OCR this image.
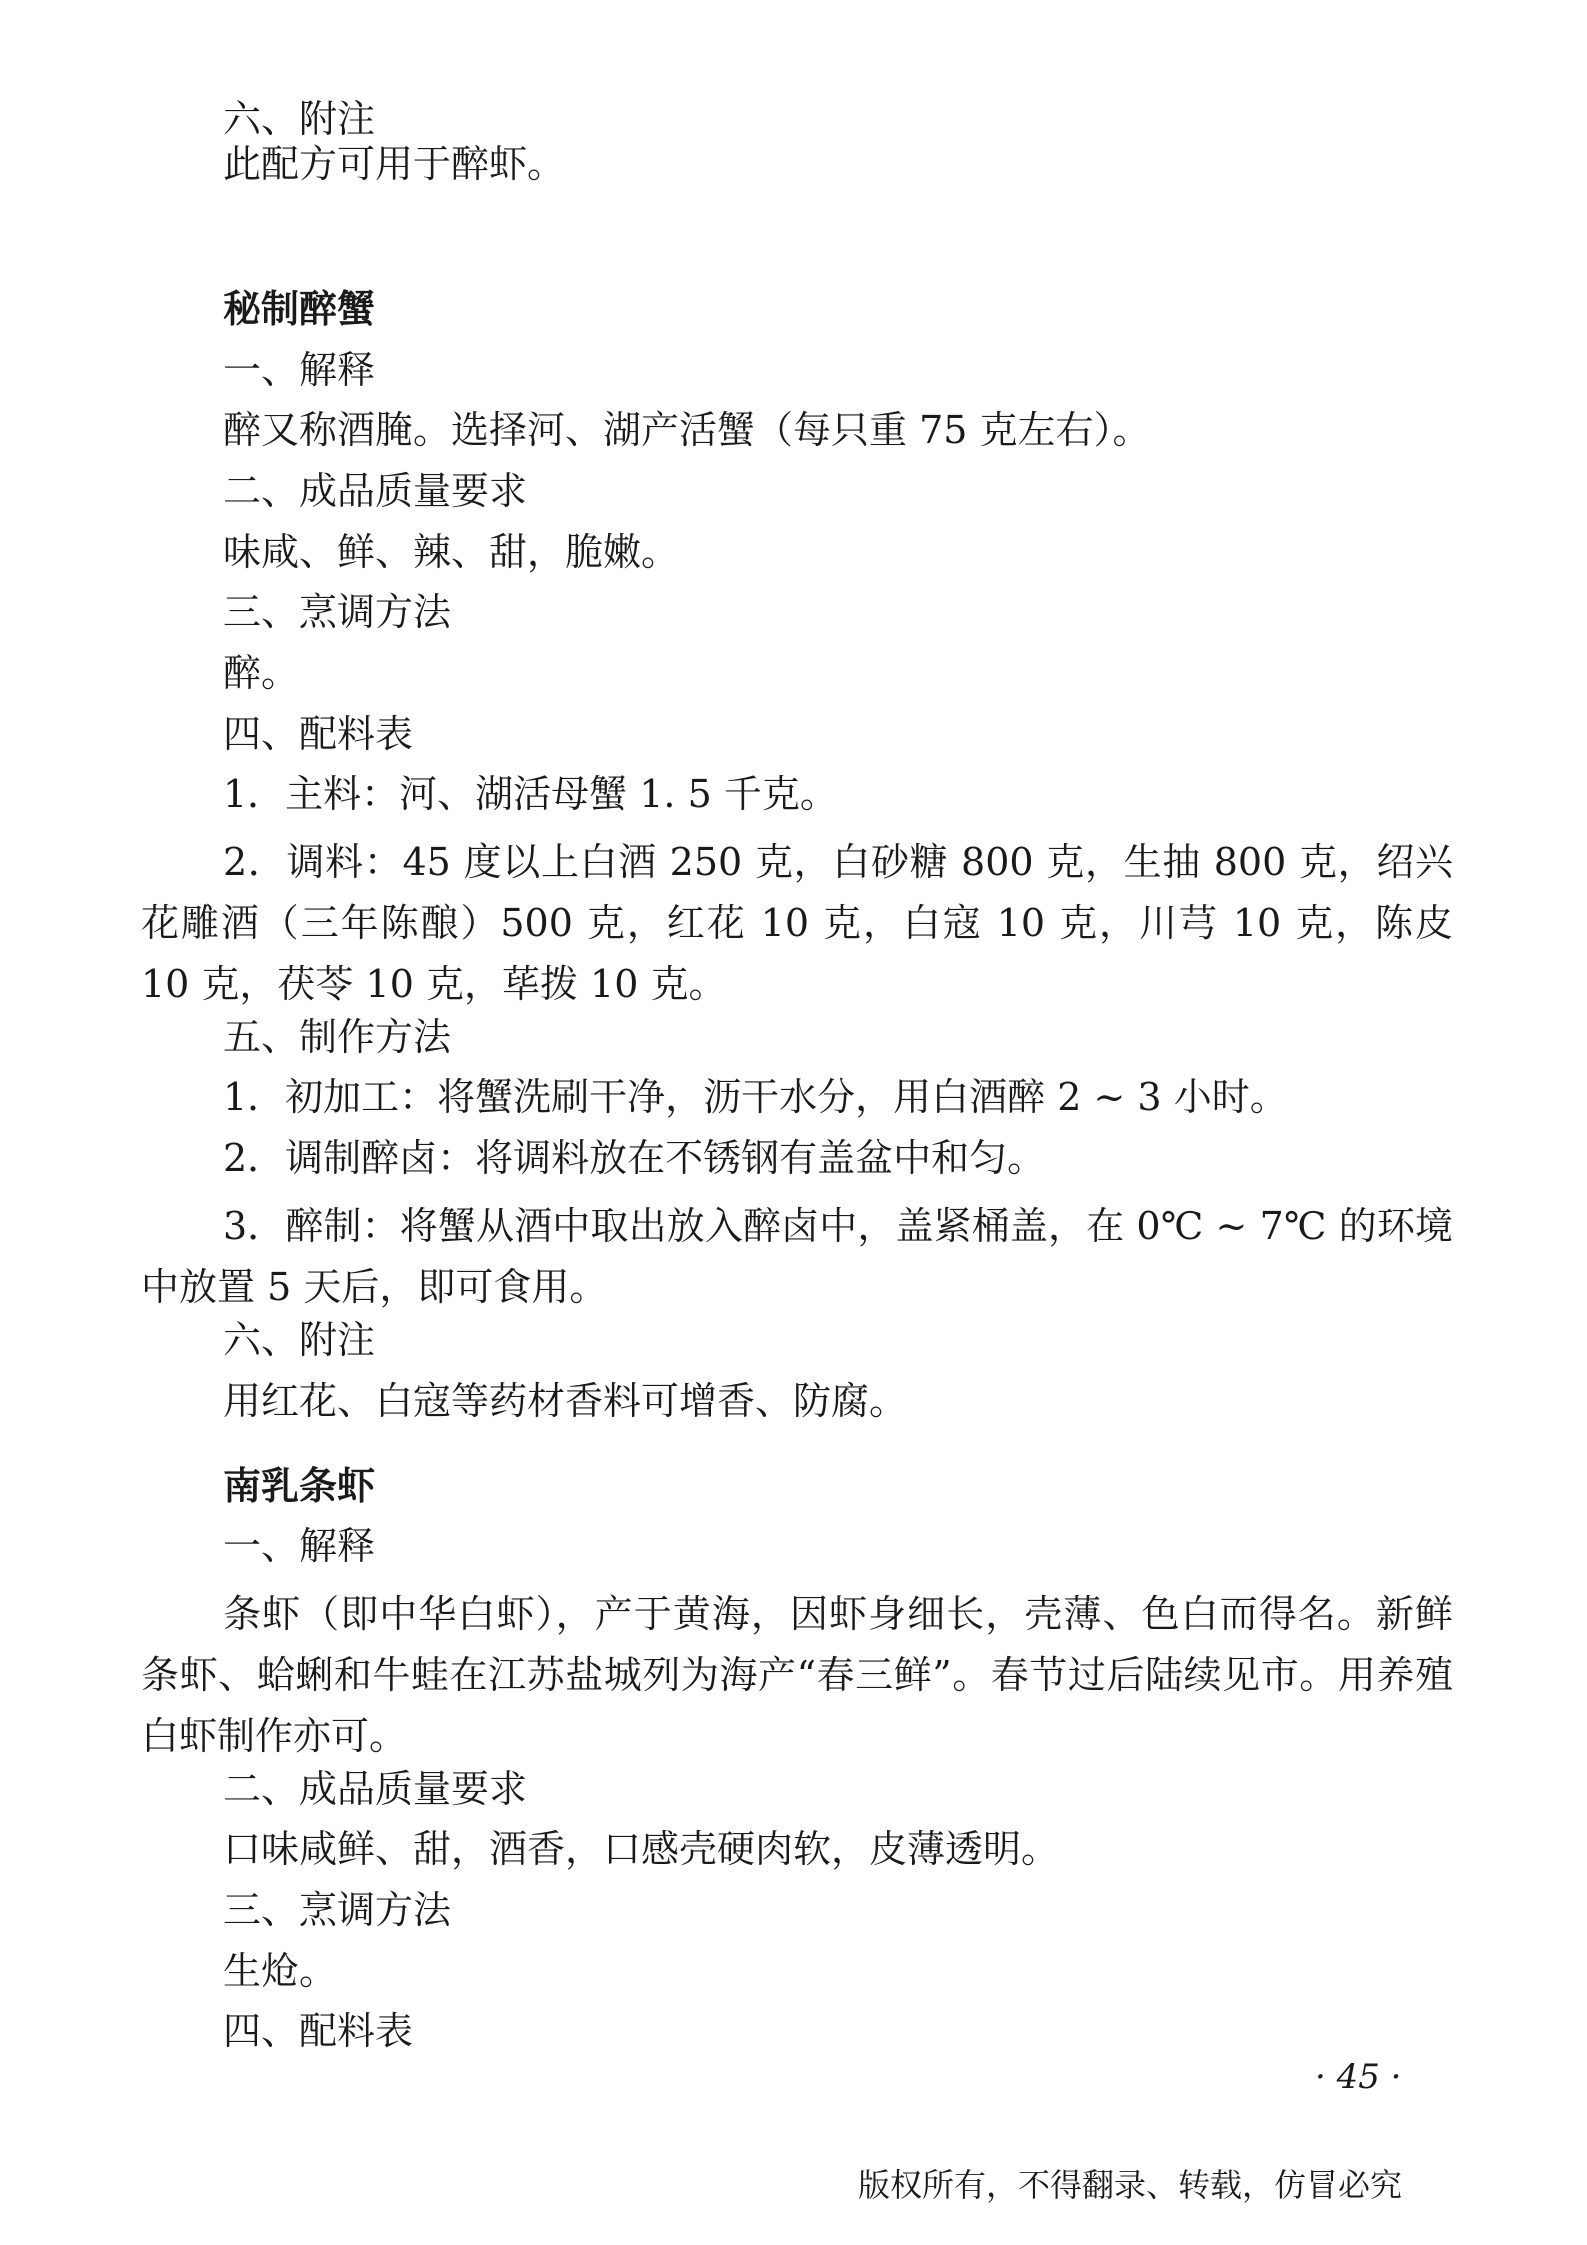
六、附注

此配方可用于醉虾。

秘制醉蟹

一、解释

醉又称酒腌。选择河、湖产活蟹（每只重 75 克左右）。

二、成品质量要求

味咸、鲜、辣、甜，脆嫩。

三、烹调方法

醉。

四、配料表

1．主料：河、湖活母蟹 1. 5 千克。

2．调料：45 度以上白酒 250 克，白砂糖 800 克，生抽 800 克，绍兴花雕酒（三年陈酿）500 克，红花 10 克，白寇 10 克，川芎 10 克，陈皮 10 克，茯苓 10 克，荜拨 10 克。

五、制作方法

1．初加工：将蟹洗刷干净，沥干水分，用白酒醉 2 ~ 3 小时。

2．调制醉卤：将调料放在不锈钢有盖盆中和匀。

3．醉制：将蟹从酒中取出放入醉卤中，盖紧桶盖，在 0℃ ~ 7℃ 的环境中放置 5 天后，即可食用。

六、附注

用红花、白寇等药材香料可增香、防腐。

南乳条虾

一、解释

条虾（即中华白虾），产于黄海，因虾身细长，壳薄、色白而得名。新鲜条虾、蛤蜊和牛蛙在江苏盐城列为海产“春三鲜”。春节过后陆续见市。用养殖白虾制作亦可。

二、成品质量要求

口味咸鲜、甜，酒香，口感壳硬肉软，皮薄透明。

三、烹调方法

生炝。

四、配料表

· 45 ·
版权所有，不得翻录、转载，仿冒必究
